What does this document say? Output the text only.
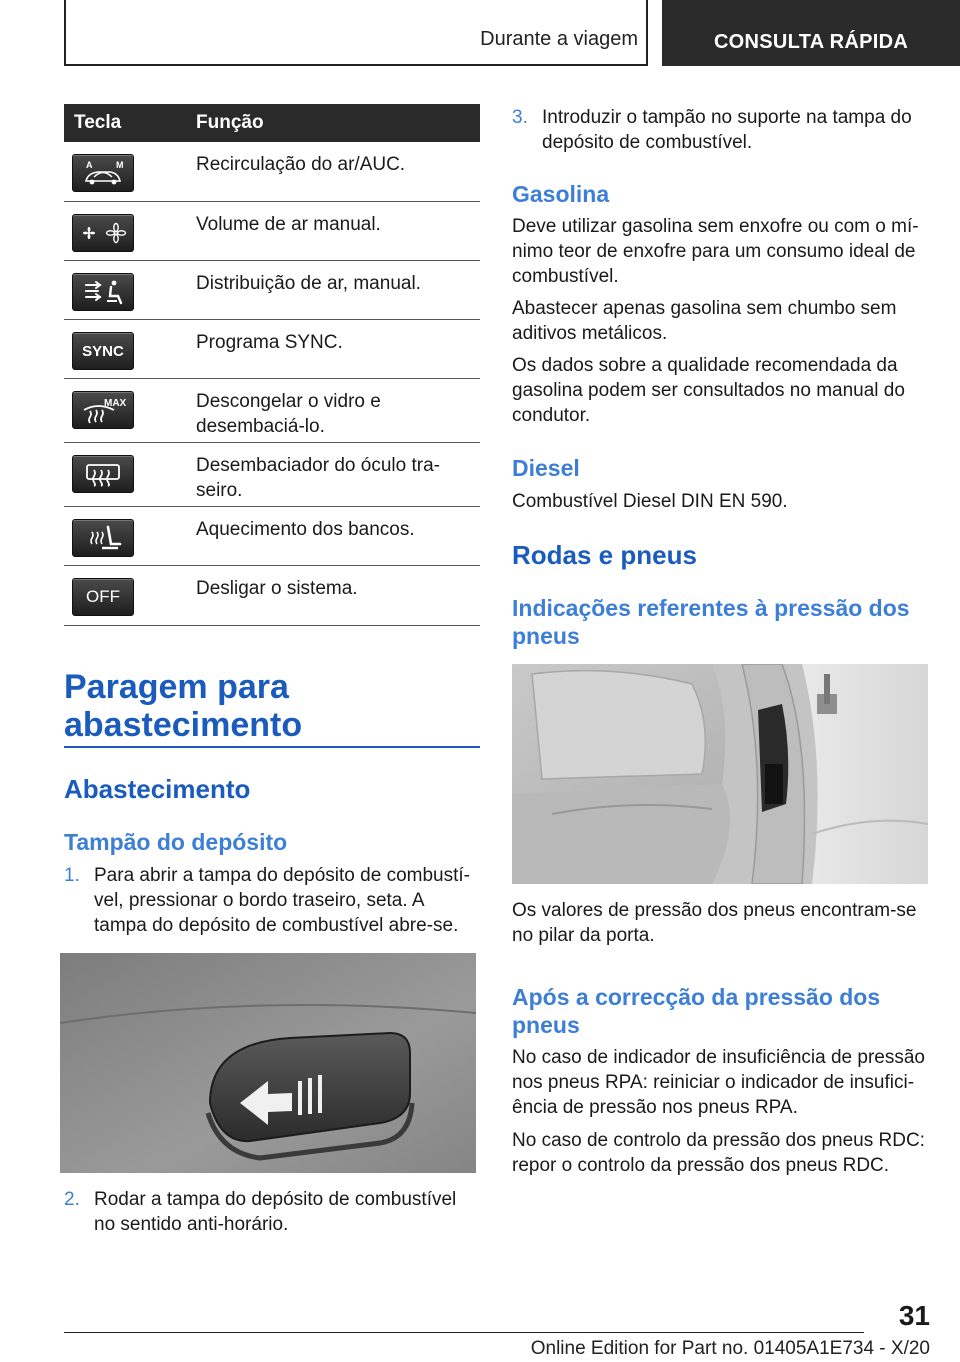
Durante a viagem	CONSULTA RÁPIDA
Tecla	Função
A	M	Recirculação do ar/AUC.
Volume de ar manual.
Distribuição de ar, manual.
SYNC	Programa SYNC.
MAX	Descongelar o vidro e desembaciá-lo.
Desembaciador do óculo traseiro.
Aquecimento dos bancos.
OFF	Desligar o sistema.
Paragem para abastecimento
Abastecimento
Tampão do depósito
1. Para abrir a tampa do depósito de combustível, pressionar o bordo traseiro, seta. A tampa do depósito de combustível abre-se.
2. Rodar a tampa do depósito de combustível no sentido anti-horário.
3. Introduzir o tampão no suporte na tampa do depósito de combustível.
Gasolina
Deve utilizar gasolina sem enxofre ou com o mínimo teor de enxofre para um consumo ideal de combustível.
Abastecer apenas gasolina sem chumbo sem aditivos metálicos.
Os dados sobre a qualidade recomendada da gasolina podem ser consultados no manual do condutor.
Diesel
Combustível Diesel DIN EN 590.
Rodas e pneus
Indicações referentes à pressão dos pneus
Os valores de pressão dos pneus encontram-se no pilar da porta.
Após a correcção da pressão dos pneus
No caso de indicador de insuficiência de pressão nos pneus RPA: reiniciar o indicador de insuficiência de pressão nos pneus RPA.
No caso de controlo da pressão dos pneus RDC: repor o controlo da pressão dos pneus RDC.
31
Online Edition for Part no. 01405A1E734 - X/20
